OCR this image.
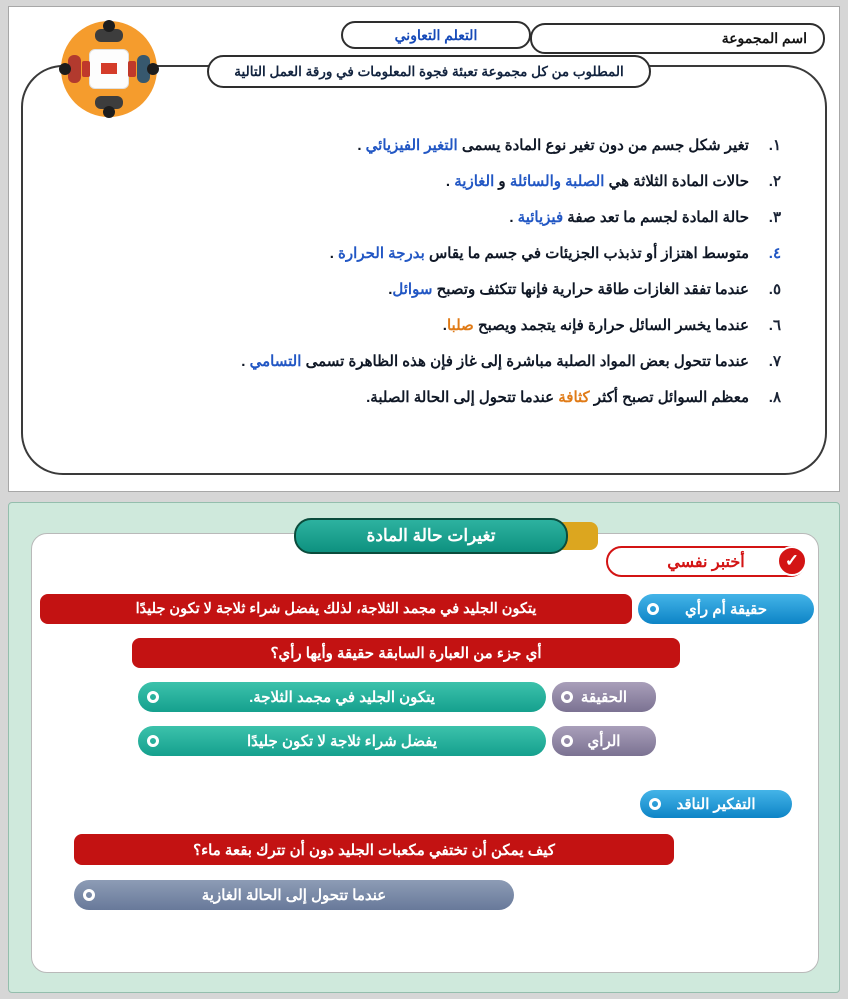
اسم المجموعة
التعلم التعاوني
المطلوب من كل مجموعة تعبئة فجوة المعلومات في ورقة العمل التالية
١.
تغير شكل جسم من دون تغير نوع المادة يسمى التغير الفيزيائي .
٢.
حالات المادة الثلاثة هي الصلبة والسائلة و الغازية .
٣.
حالة المادة لجسم ما تعد صفة فيزيائية .
٤.
متوسط اهتزاز أو تذبذب الجزيئات في جسم ما يقاس بدرجة الحرارة .
٥.
عندما تفقد الغازات طاقة حرارية فإنها تتكثف وتصبح سوائل.
٦.
عندما يخسر السائل حرارة فإنه يتجمد ويصبح صلبا.
٧.
عندما تتحول بعض المواد الصلبة مباشرة إلى غاز فإن هذه الظاهرة تسمى التسامي .
٨.
معظم السوائل تصبح أكثر كثافة عندما تتحول إلى الحالة الصلبة.
تغيرات حالة المادة
أختبر نفسي	✓
حقيقة أم رأي
يتكون الجليد في مجمد الثلاجة، لذلك يفضل شراء ثلاجة لا تكون جليدًا
أي جزء من العبارة السابقة حقيقة وأيها رأي؟
الحقيقة
يتكون الجليد في مجمد الثلاجة.
الرأي
يفضل شراء ثلاجة لا تكون جليدًا
التفكير الناقد
كيف يمكن أن تختفي مكعبات الجليد دون أن تترك بقعة ماء؟
عندما تتحول إلى الحالة الغازية
